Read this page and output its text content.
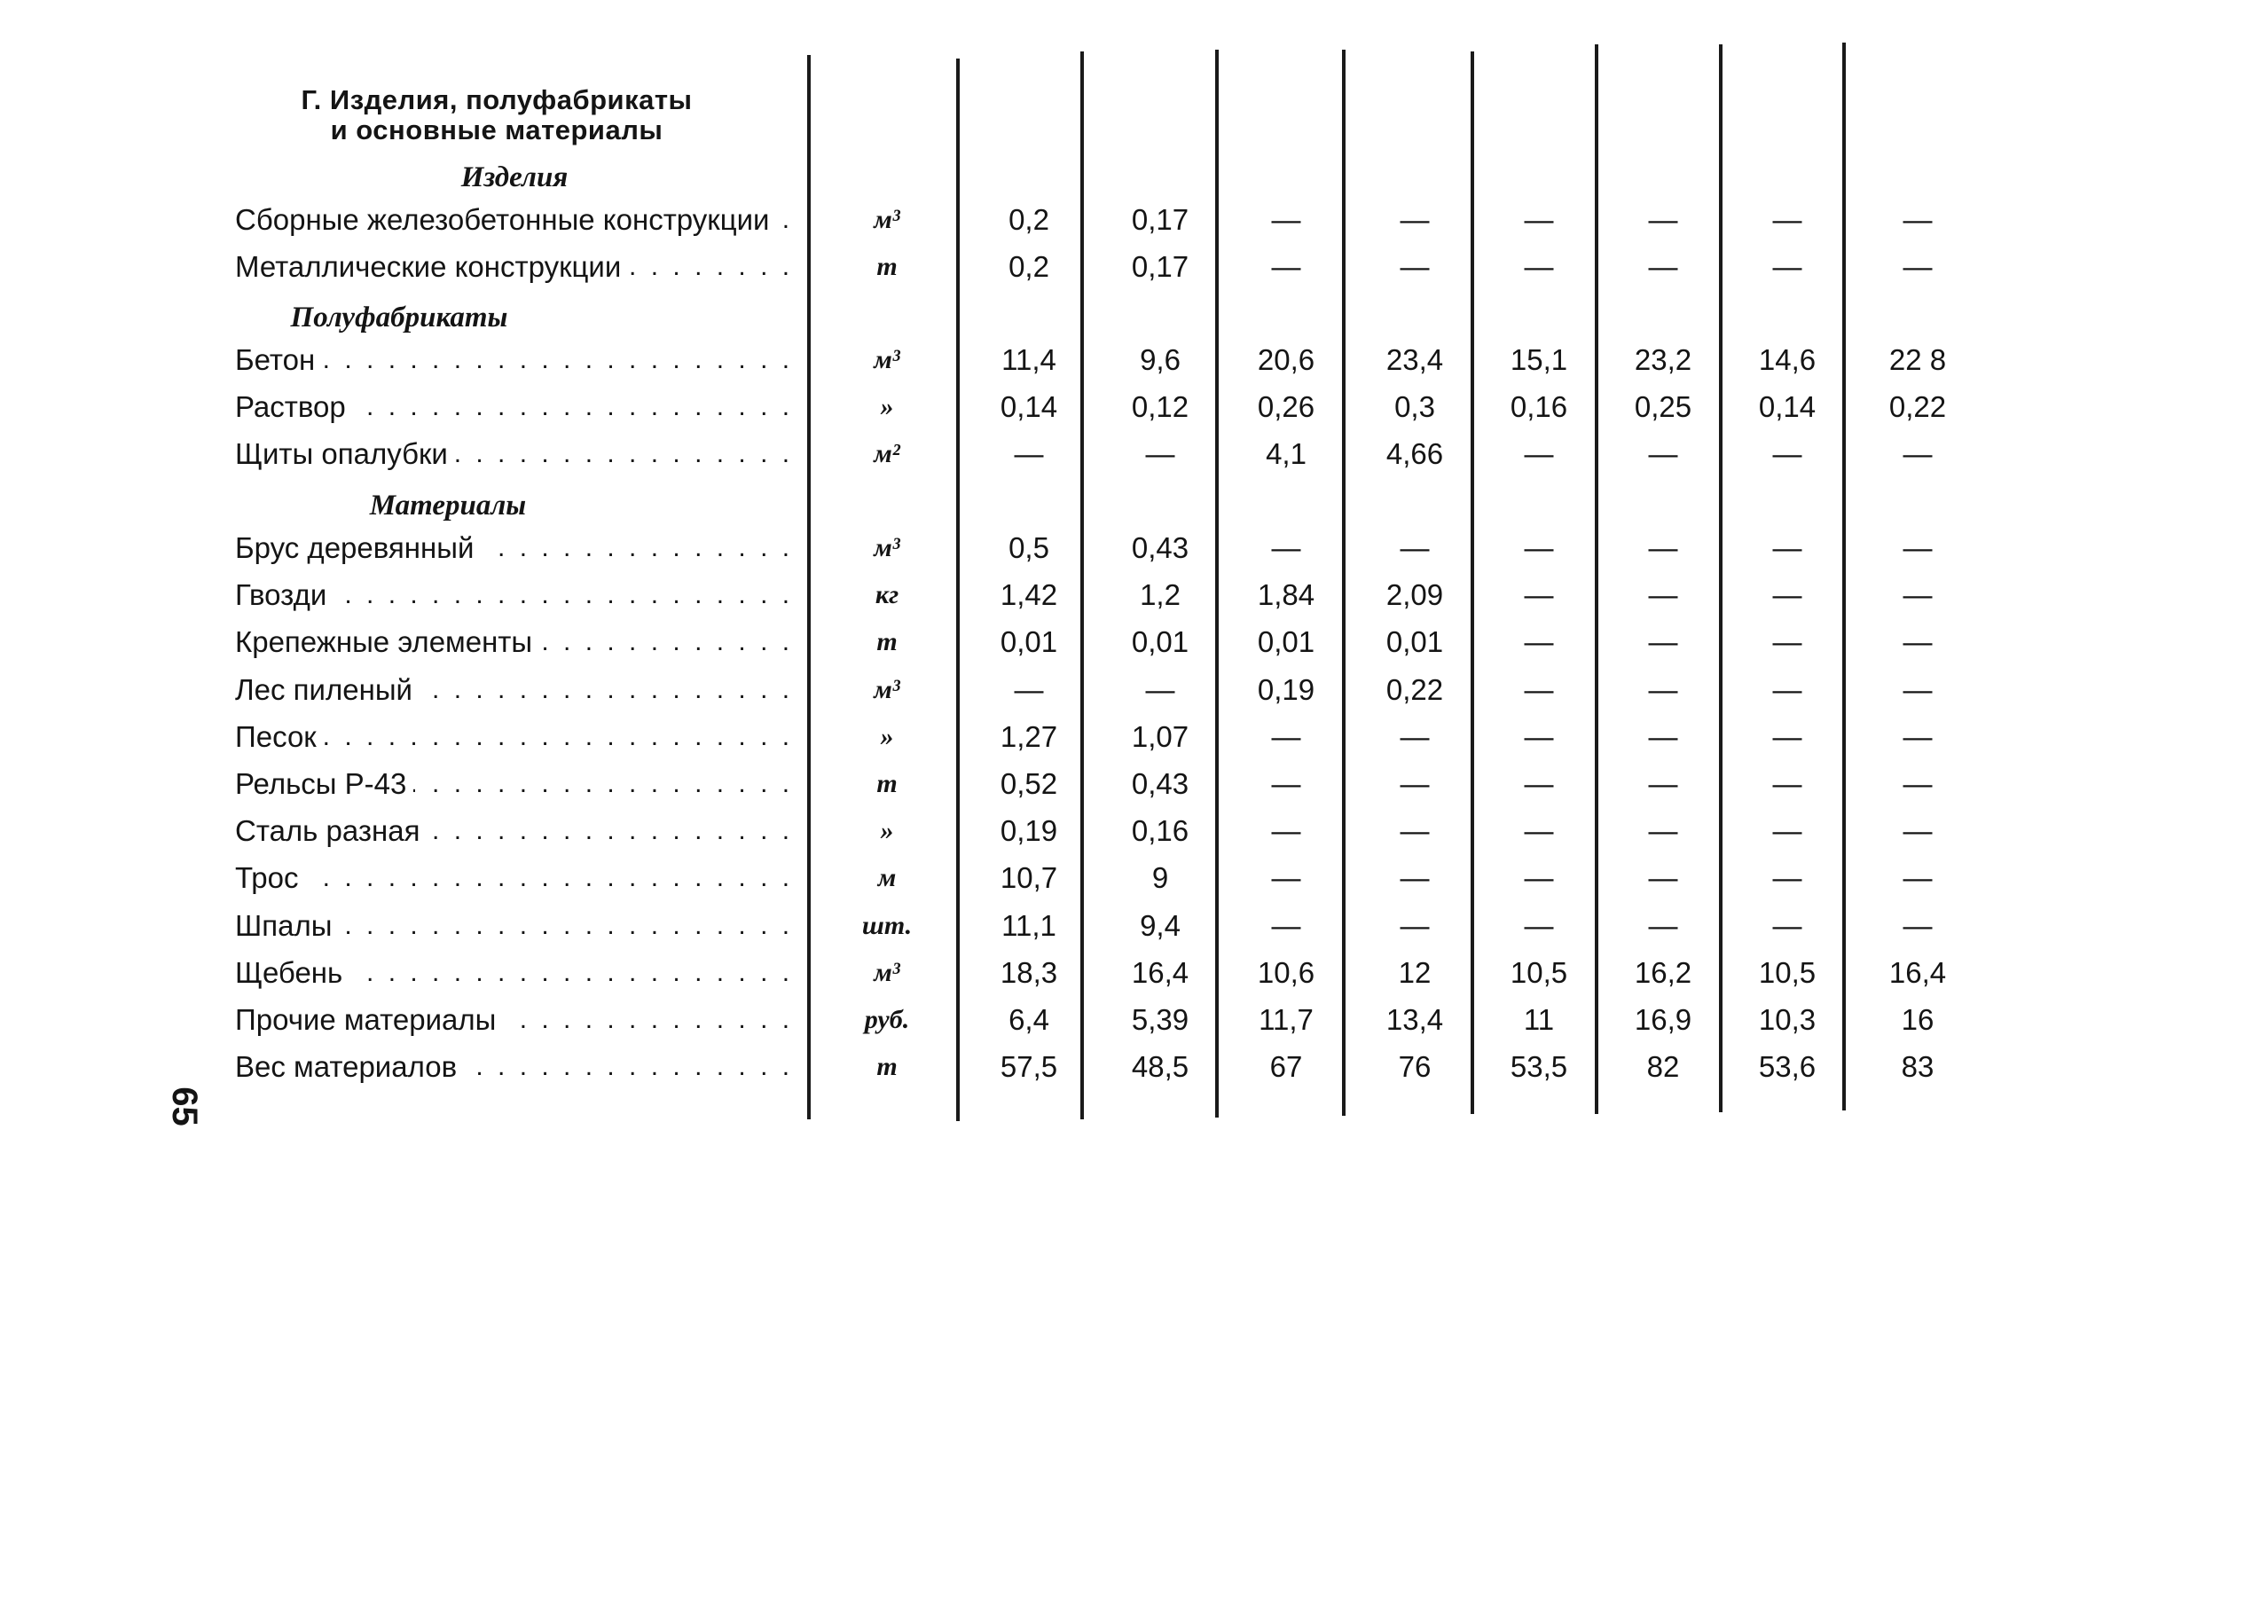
Г. Изделия, полуфабрикаты
и основные материалы
Изделия
Сборные железобетонные конструкции . . .	м³	0,2	0,17	—	—	—	—	—	—
Металлические конструкции . . .	т	0,2	0,17	—	—	—	—	—	—
Полуфабрикаты
Бетон . . .	м³	11,4	9,6	20,6	23,4	15,1	23,2	14,6	22 8
Раствор . . .	»	0,14	0,12	0,26	0,3	0,16	0,25	0,14	0,22
Щиты опалубки . . .	м²	—	—	4,1	4,66	—	—	—	—
Материалы
Брус деревянный . . .	м³	0,5	0,43	—	—	—	—	—	—
Гвозди . . .	кг	1,42	1,2	1,84	2,09	—	—	—	—
Крепежные элементы . . .	т	0,01	0,01	0,01	0,01	—	—	—	—
Лес пиленый . . .	м³	—	—	0,19	0,22	—	—	—	—
Песок . . .	»	1,27	1,07	—	—	—	—	—	—
Рельсы Р-43 . . .	т	0,52	0,43	—	—	—	—	—	—
Сталь разная . . .	»	0,19	0,16	—	—	—	—	—	—
Трос . . .	м	10,7	9	—	—	—	—	—	—
Шпалы . . .	шт.	11,1	9,4	—	—	—	—	—	—
Щебень . . .	м³	18,3	16,4	10,6	12	10,5	16,2	10,5	16,4
Прочие материалы . . .	руб.	6,4	5,39	11,7	13,4	11	16,9	10,3	16
Вес материалов . . .	т	57,5	48,5	67	76	53,5	82	53,6	83
65
